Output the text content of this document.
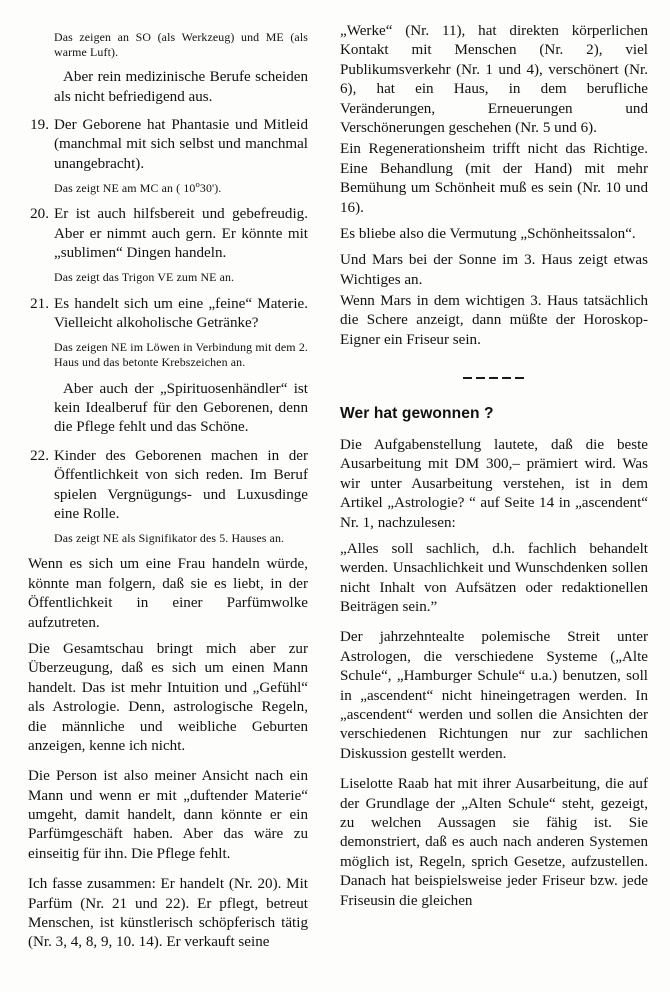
Das zeigen an SO (als Werkzeug) und ME (als warme Luft).

Aber rein medizinische Berufe scheiden als nicht befriedigend aus.

19. Der Geborene hat Phantasie und Mitleid (manchmal mit sich selbst und manchmal unangebracht).

Das zeigt NE am MC an ( 10$^o$30').

20. Er ist auch hilfsbereit und gebefreudig. Aber er nimmt auch gern. Er könnte mit „sublimen“ Dingen handeln.

Das zeigt das Trigon VE zum NE an.

21. Es handelt sich um eine „feine“ Materie. Vielleicht alkoholische Getränke?

Das zeigen NE im Löwen in Verbindung mit dem 2. Haus und das betonte Krebszeichen an.

Aber auch der „Spirituosenhändler“ ist kein Idealberuf für den Geborenen, denn die Pflege fehlt und das Schöne.

22. Kinder des Geborenen machen in der Öffentlichkeit von sich reden. Im Beruf spielen Vergnügungs- und Luxusdinge eine Rolle.

Das zeigt NE als Signifikator des 5. Hauses an.

Wenn es sich um eine Frau handeln würde, könnte man folgern, daß sie es liebt, in der Öffentlichkeit in einer Parfümwolke aufzutreten.

Die Gesamtschau bringt mich aber zur Überzeugung, daß es sich um einen Mann handelt. Das ist mehr Intuition und „Gefühl“ als Astrologie. Denn, astrologische Regeln, die männliche und weibliche Geburten anzeigen, kenne ich nicht.

Die Person ist also meiner Ansicht nach ein Mann und wenn er mit „duftender Materie“ umgeht, damit handelt, dann könnte er ein Parfümgeschäft haben. Aber das wäre zu einseitig für ihn. Die Pflege fehlt.

Ich fasse zusammen: Er handelt (Nr. 20). Mit Parfüm (Nr. 21 und 22). Er pflegt, betreut Menschen, ist künstlerisch schöpferisch tätig (Nr. 3, 4, 8, 9, 10. 14). Er verkauft seine

„Werke“ (Nr. 11), hat direkten körperlichen Kontakt mit Menschen (Nr. 2), viel Publikumsverkehr (Nr. 1 und 4), verschönert (Nr. 6), hat ein Haus, in dem berufliche Veränderungen, Erneuerungen und Verschönerungen geschehen (Nr. 5 und 6).

Ein Regenerationsheim trifft nicht das Richtige. Eine Behandlung (mit der Hand) mit mehr Bemühung um Schönheit muß es sein (Nr. 10 und 16).

Es bliebe also die Vermutung „Schönheitssalon“.

Und Mars bei der Sonne im 3. Haus zeigt etwas Wichtiges an.

Wenn Mars in dem wichtigen 3. Haus tatsächlich die Schere anzeigt, dann müßte der Horoskop-Eigner ein Friseur sein.

Wer hat gewonnen ?

Die Aufgabenstellung lautete, daß die beste Ausarbeitung mit DM 300,– prämiert wird. Was wir unter Ausarbeitung verstehen, ist in dem Artikel „Astrologie? “ auf Seite 14 in „ascendent“ Nr. 1, nachzulesen:

„Alles soll sachlich, d.h. fachlich behandelt werden. Unsachlichkeit und Wunschdenken sollen nicht Inhalt von Aufsätzen oder redaktionellen Beiträgen sein.”

Der jahrzehntealte polemische Streit unter Astrologen, die verschiedene Systeme („Alte Schule“, „Hamburger Schule“ u.a.) benutzen, soll in „ascendent“ nicht hineingetragen werden. In „ascendent“ werden und sollen die Ansichten der verschiedenen Richtungen nur zur sachlichen Diskussion gestellt werden.

Liselotte Raab hat mit ihrer Ausarbeitung, die auf der Grundlage der „Alten Schule“ steht, gezeigt, zu welchen Aussagen sie fähig ist. Sie demonstriert, daß es auch nach anderen Systemen möglich ist, Regeln, sprich Gesetze, aufzustellen. Danach hat beispielsweise jeder Friseur bzw. jede Friseusin die gleichen
